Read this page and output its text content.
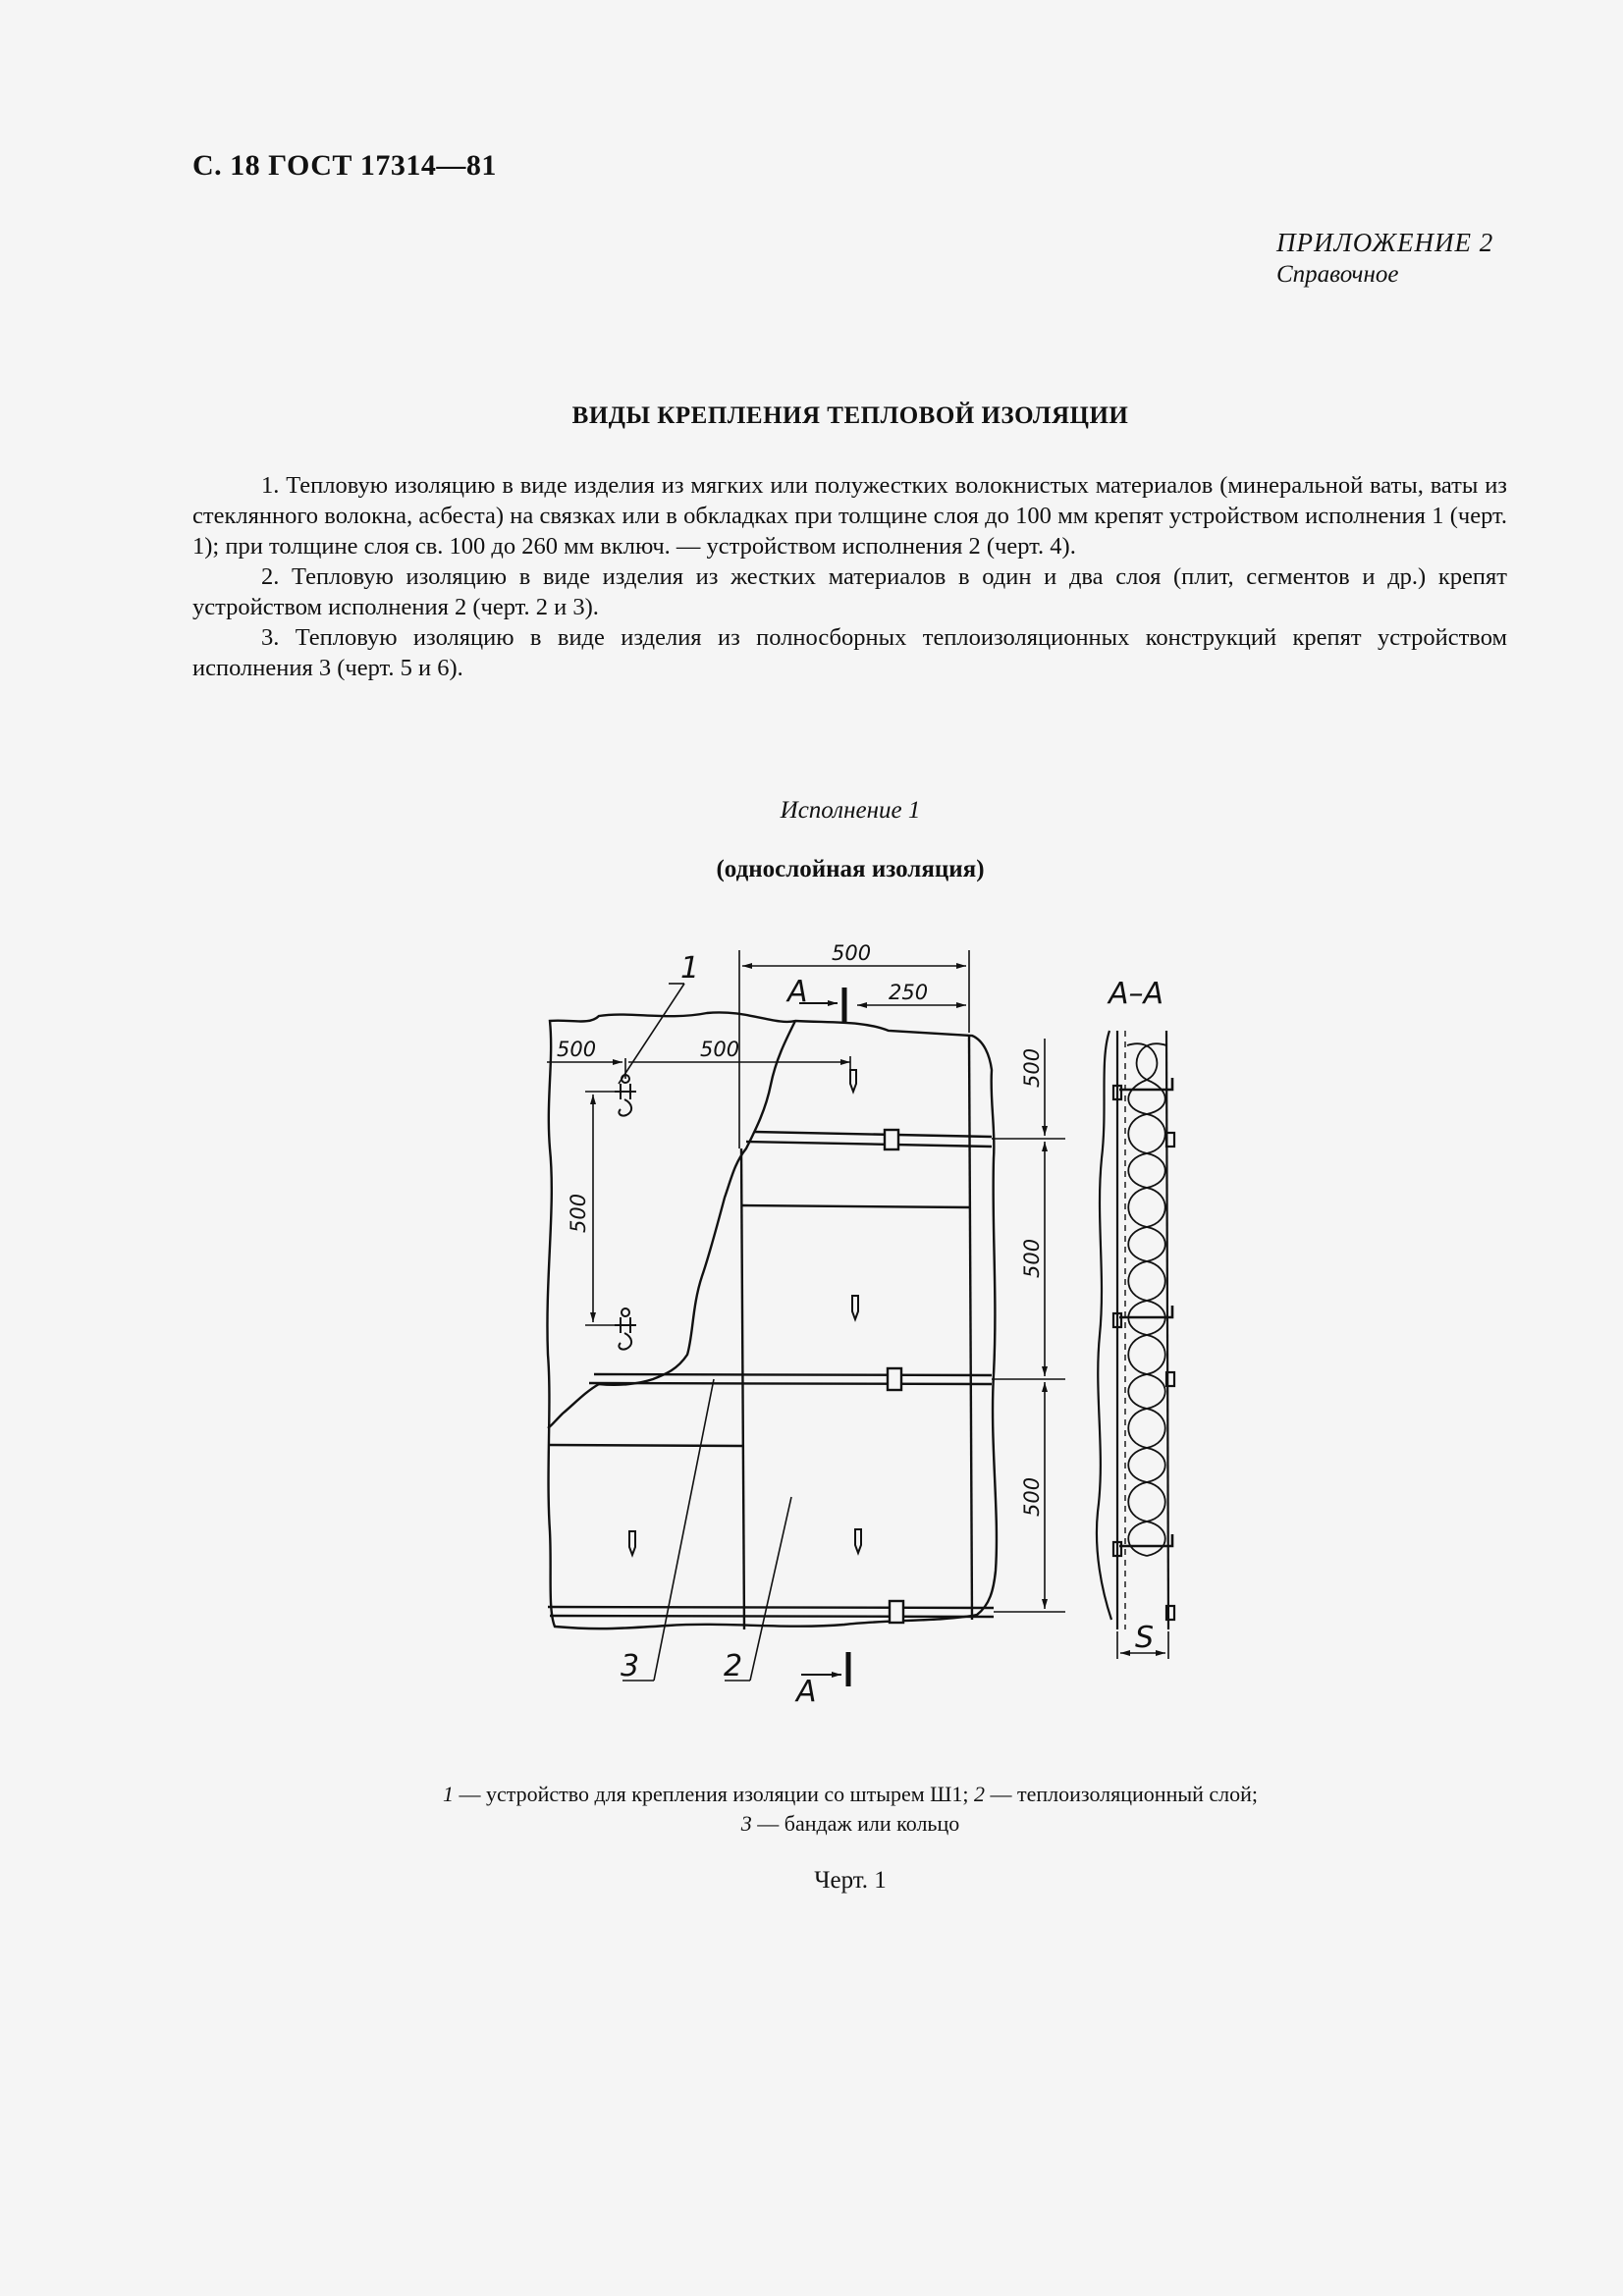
С. 18 ГОСТ 17314—81
ПРИЛОЖЕНИЕ 2
Справочное
ВИДЫ КРЕПЛЕНИЯ ТЕПЛОВОЙ ИЗОЛЯЦИИ

1. Тепловую изоляцию в виде изделия из мягких или полужестких волокнистых материалов (минеральной ваты, ваты из стеклянного волокна, асбеста) на связках или в обкладках при толщине слоя до 100 мм крепят устройством исполнения 1 (черт. 1); при толщине слоя св. 100 до 260 мм включ. — устройством исполнения 2 (черт. 4).

2. Тепловую изоляцию в виде изделия из жестких материалов в один и два слоя (плит, сегментов и др.) крепят устройством исполнения 2 (черт. 2 и 3).

3. Тепловую изоляцию в виде изделия из полносборных теплоизоляционных конструкций крепят устройством исполнения 3 (черт. 5 и 6).

Исполнение 1
(однослойная изоляция)
500
250
500	500
500
500
500
500
1
2
3
А
А
А–А
S
1 — устройство для крепления изоляции со штырем Ш1; 2 — теплоизоляционный слой;
3 — бандаж или кольцо
Черт. 1
